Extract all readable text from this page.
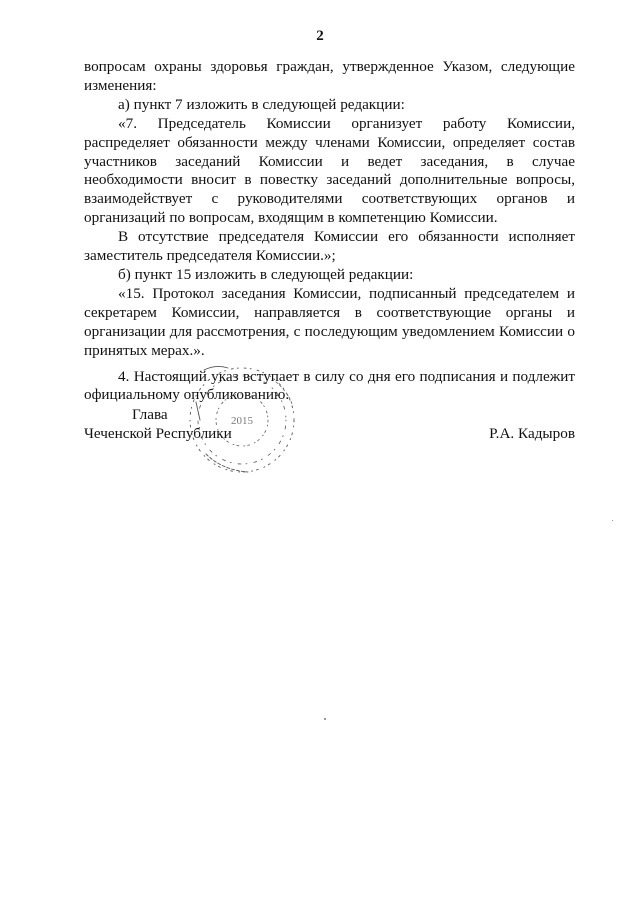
2

вопросам охраны здоровья граждан, утвержденное Указом, следующие изменения:

а) пункт 7 изложить в следующей редакции:

«7. Председатель Комиссии организует работу Комиссии, распределяет обязанности между членами Комиссии, определяет состав участников заседаний Комиссии и ведет заседания, в случае необходимости вносит в повестку заседаний дополнительные вопросы, взаимодействует с руководителями соответствующих органов и организаций по вопросам, входящим в компетенцию Комиссии.

В отсутствие председателя Комиссии его обязанности исполняет заместитель председателя Комиссии.»;

б) пункт 15 изложить в следующей редакции:

«15. Протокол заседания Комиссии, подписанный председателем и секретарем Комиссии, направляется в соответствующие органы и организации для рассмотрения, с последующим уведомлением Комиссии о принятых мерах.».

4. Настоящий указ вступает в силу со дня его подписания и подлежит официальному опубликованию.

2015
Глава
Чеченской Республики	Р.А. Кадыров
